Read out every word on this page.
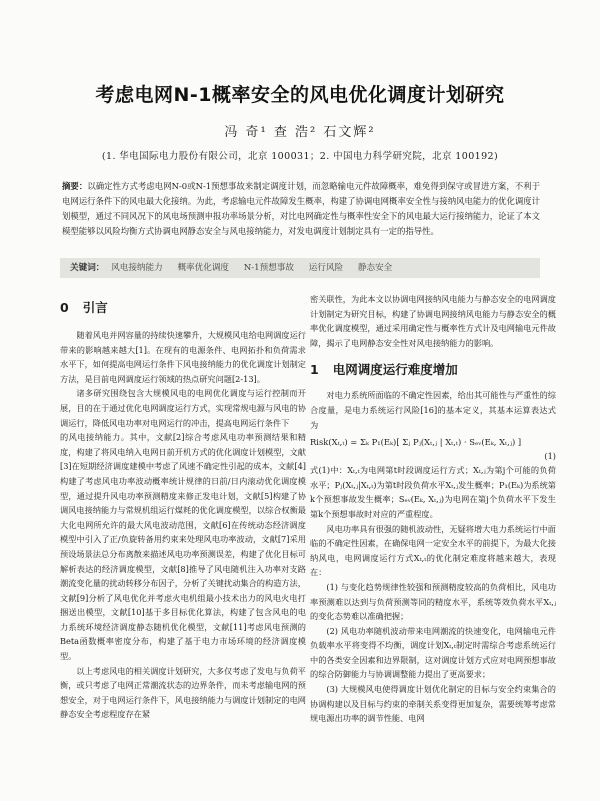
考虑电网N-1概率安全的风电优化调度计划研究
冯 奇¹ 查 浩² 石文辉²
(1. 华电国际电力股份有限公司，北京 100031；2. 中国电力科学研究院，北京 100192)
摘要：以确定性方式考虑电网N-0或N-1预想事故来制定调度计划，而忽略输电元件故障概率，难免得到保守或冒进方案，不利于电网运行条件下的风电最大化接纳。为此，考虑输电元件故障发生概率，构建了协调电网概率安全性与接纳风电能力的优化调度计划模型，通过不同风况下的风电场预测申报功率场景分析，对比电网确定性与概率性安全下的风电最大运行接纳能力，论证了本文模型能够以风险均衡方式协调电网静态安全与风电接纳能力，对发电调度计划制定具有一定的指导性。
关键词： 风电接纳能力 概率优化调度 N-1预想事故 运行风险 静态安全
0 引言

随着风电并网容量的持续快速攀升，大规模风电给电网调度运行带来的影响越来越大[1]。在现有的电源条件、电网拓扑和负荷需求水平下，如何提高电网运行条件下风电接纳能力的优化调度计划制定方法，是目前电网调度运行领域的热点研究问题[2-13]。

诸多研究围绕包含大规模风电的电网优化调度与运行控制而开展，目的在于通过优化电网调度运行方式，实现常规电源与风电的协调运行，降低风电功率对电网运行的冲击，提高电网运行条件下

的风电接纳能力。其中，文献[2]综合考虑风电功率预测结果和精度，构建了将风电纳入电网日前开机方式的优化调度计划模型，文献[3]在短期经济调度建模中考虑了风速不确定性引起的成本，文献[4]构建了考虑风电功率波动概率统计规律的日前/日内滚动优化调度模型，通过提升风电功率预测精度来修正发电计划，文献[5]构建了协调风电接纳能力与常规机组运行煤耗的优化调度模型，以综合权衡最大化电网所允许的最大风电波动范围，文献[6]在传统动态经济调度模型中引入了正/负旋转备用约束来处理风电功率波动，文献[7]采用预设场景法总分布离散来描述风电功率预测误差，构建了优化目标可解析表达的经济调度模型，文献[8]推导了风电随机注入功率对支路潮流变化量的扰动转移分布因子，分析了关键扰动集合的构造方法，文献[9]分析了风电优化并考虑火电机组最小技术出力的风电火电打捆送出模型，文献[10]基于多目标优化算法，构建了包含风电的电力系统环境经济调度静态随机优化模型，文献[11]考虑风电预测的Beta函数概率密度分布，构建了基于电力市场环境的经济调度模型。

以上考虑风电的相关调度计划研究，大多仅考虑了发电与负荷平衡，或只考虑了电网正常潮流状态的边界条件，而未考虑输电网的预想安全，对于电网运行条件下，风电接纳能力与调度计划制定的电网静态安全考虑程度存在紧

密关联性，为此本文以协调电网接纳风电能力与静态安全的电网调度计划制定为研究目标，构建了协调电网接纳风电能力与静态安全的概率优化调度模型，通过采用确定性与概率性方式计及电网输电元件故障，揭示了电网静态安全性对风电接纳能力的影响。

1 电网调度运行难度增加

对电力系统所面临的不确定性因素，给出其可能性与严重性的综合度量，是电力系统运行风险[16]的基本定义，其基本运算表达式为

Risk(Xₜ,ₜ) = Σₖ P₁(Eₖ)[ Σⱼ Pⱼ(Xₜ,ⱼ | Xₜ,ₜ) · Sₑᵥ(Eₖ, Xₜ,ⱼ) ]

(1)

式(1)中：Xₜ,ₜ为电网第t时段调度运行方式；Xₜ,ⱼ为第j个可能的负荷水平；Pⱼ(Xₜ,ⱼ|Xₜ,ₜ)为第t时段负荷水平Xₜ,ⱼ发生概率；P₁(Eₖ)为系统第k个预想事故发生概率；Sₑᵥ(Eₖ, Xₜ,ⱼ)为电网在第j个负荷水平下发生第k个预想事故时对应的严重程度。

风电功率具有很强的随机波动性，无疑将增大电力系统运行中面临的不确定性因素，在确保电网一定安全水平的前提下，为最大化接纳风电，电网调度运行方式Xₜ,ₜ的优化制定难度将越来越大，表现在：

(1) 与变化趋势规律性较强和预测精度较高的负荷相比，风电功率预测难以达到与负荷预测等同的精度水平，系统等效负荷水平Xₜ,ⱼ的变化态势难以准确把握；

(2) 风电功率随机波动带来电网潮流的快速变化，电网输电元件负载率水平将变得不均衡，调度计划Xₜ,ₜ制定时需综合考虑系统运行中的各类安全因素和边界限制，这对调度计划方式应对电网预想事故的综合防御能力与协调调整能力提出了更高要求；

(3) 大规模风电使得调度计划优化制定的目标与安全约束集合的协调构建以及目标与约束的牵制关系变得更加复杂，需要统筹考虑常规电源出功率的调节性能、电网
